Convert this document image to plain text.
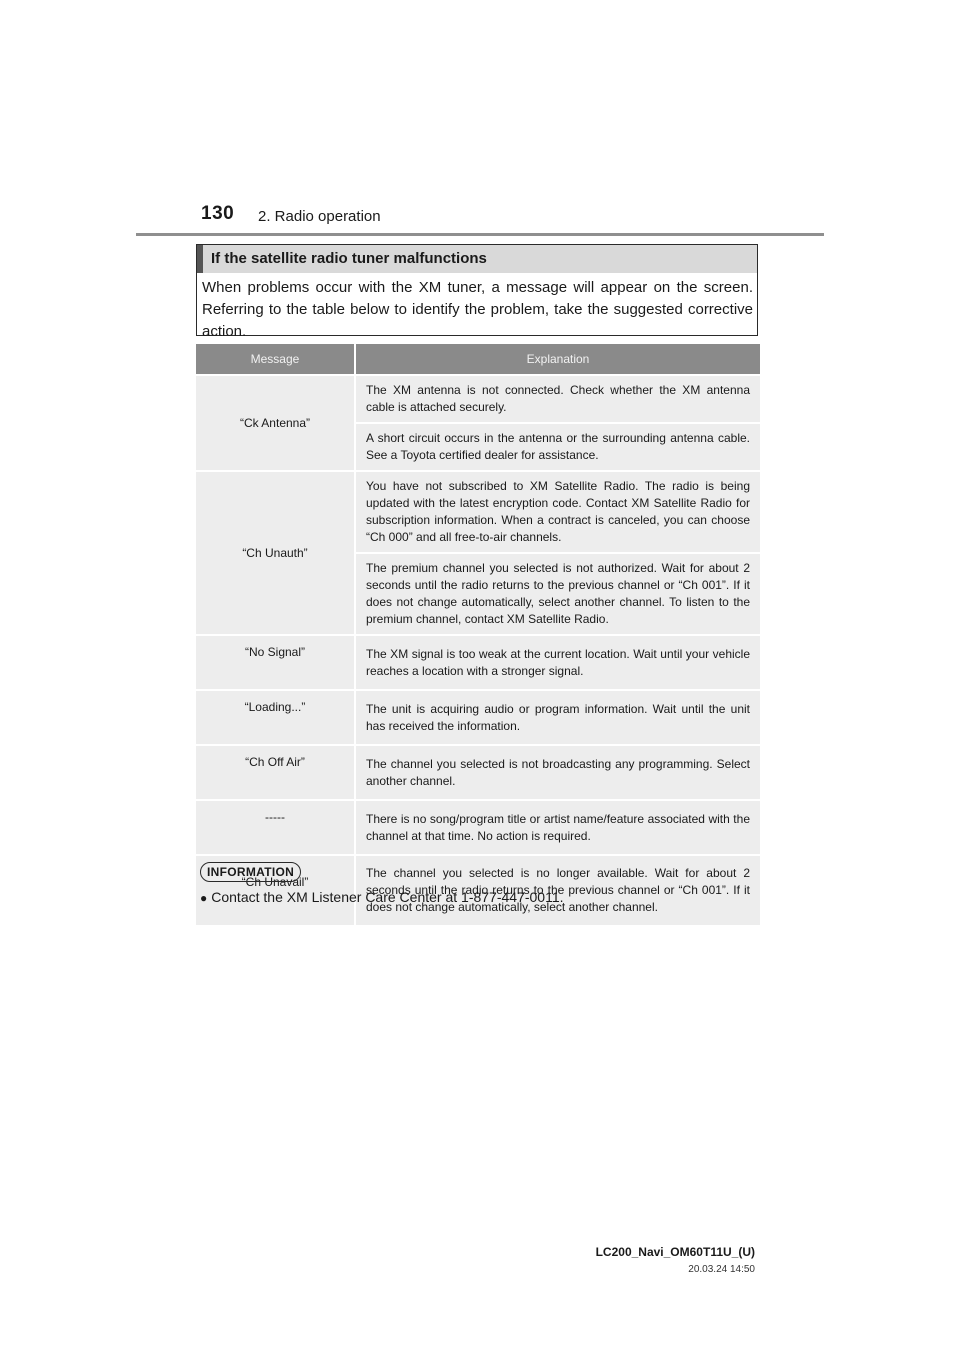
130 2. Radio operation
If the satellite radio tuner malfunctions
When problems occur with the XM tuner, a message will appear on the screen. Referring to the table below to identify the problem, take the suggested corrective action.
Message	Explanation
“Ck Antenna”	The XM antenna is not connected. Check whether the XM antenna cable is attached securely.
	A short circuit occurs in the antenna or the surrounding antenna cable. See a Toyota certified dealer for assistance.
“Ch Unauth”	You have not subscribed to XM Satellite Radio. The radio is being updated with the latest encryption code. Contact XM Satellite Radio for subscription information. When a contract is canceled, you can choose “Ch 000” and all free-to-air channels.
	The premium channel you selected is not authorized. Wait for about 2 seconds until the radio returns to the previous channel or “Ch 001”. If it does not change automatically, select another channel. To listen to the premium channel, contact XM Satellite Radio.
“No Signal”	The XM signal is too weak at the current location. Wait until your vehicle reaches a location with a stronger signal.
“Loading...”	The unit is acquiring audio or program information. Wait until the unit has received the information.
“Ch Off Air”	The channel you selected is not broadcasting any programming. Select another channel.
-----	There is no song/program title or artist name/feature associated with the channel at that time. No action is required.
“Ch Unavail”	The channel you selected is no longer available. Wait for about 2 seconds until the radio returns to the previous channel or “Ch 001”. If it does not change automatically, select another channel.
INFORMATION
● Contact the XM Listener Care Center at 1-877-447-0011.
LC200_Navi_OM60T11U_(U)
20.03.24 14:50
